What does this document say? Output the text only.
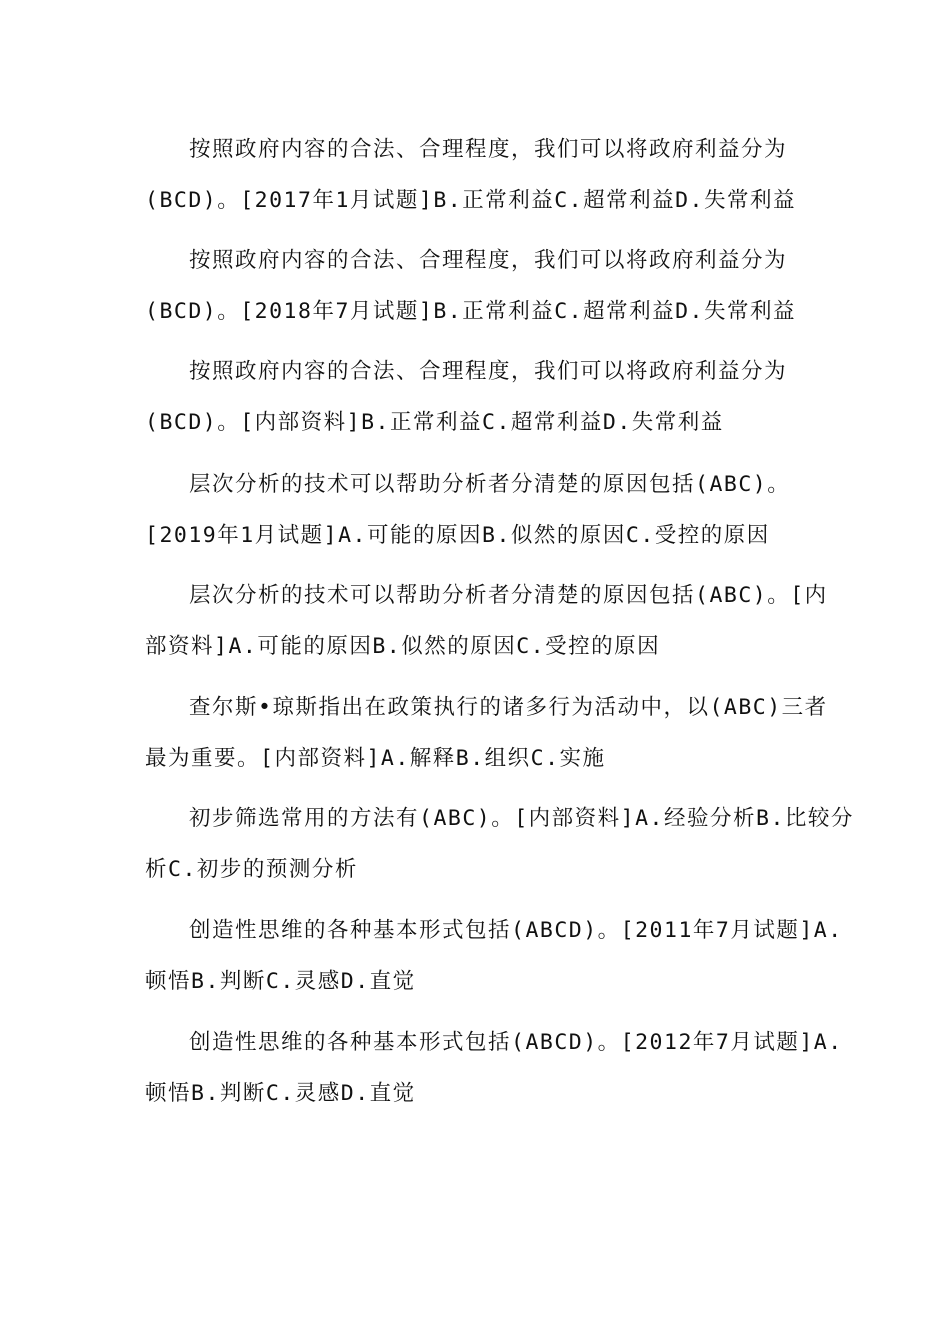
按照政府内容的合法、合理程度，我们可以将政府利益分为
(BCD)。[2017年1月试题]B.正常利益C.超常利益D.失常利益
按照政府内容的合法、合理程度，我们可以将政府利益分为
(BCD)。[2018年7月试题]B.正常利益C.超常利益D.失常利益
按照政府内容的合法、合理程度，我们可以将政府利益分为
(BCD)。[内部资料]B.正常利益C.超常利益D.失常利益
层次分析的技术可以帮助分析者分清楚的原因包括(ABC)。
[2019年1月试题]A.可能的原因B.似然的原因C.受控的原因
层次分析的技术可以帮助分析者分清楚的原因包括(ABC)。[内
部资料]A.可能的原因B.似然的原因C.受控的原因
查尔斯•琼斯指出在政策执行的诸多行为活动中，以(ABC)三者
最为重要。[内部资料]A.解释B.组织C.实施
初步筛选常用的方法有(ABC)。[内部资料]A.经验分析B.比较分
析C.初步的预测分析
创造性思维的各种基本形式包括(ABCD)。[2011年7月试题]A.
顿悟B.判断C.灵感D.直觉
创造性思维的各种基本形式包括(ABCD)。[2012年7月试题]A.
顿悟B.判断C.灵感D.直觉
